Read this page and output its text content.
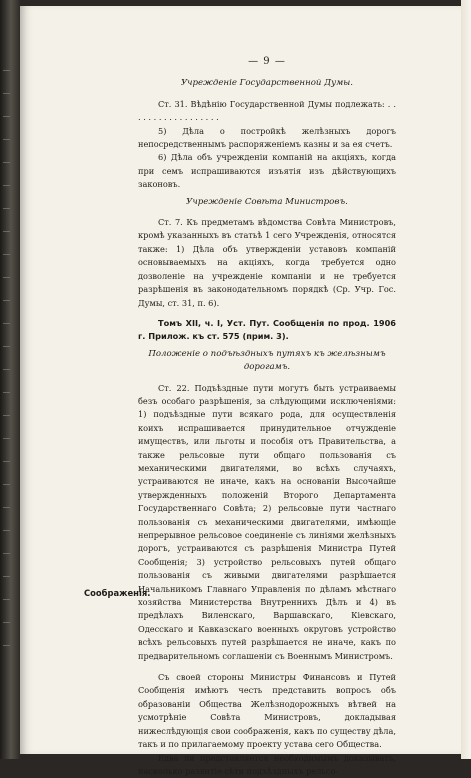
— 9 —
Учрежденіе Государственной Думы.

Ст. 31. Вѣдѣнію Государственной Думы подлежать: . . . . . . . . . . . . . . . . . .

5) Дѣла о постройкѣ желѣзныхъ дорогъ непосредственнымъ распоряженіемъ казны и за ея счетъ.

6) Дѣла объ учрежденіи компаній на акціяхъ, когда при семъ испрашиваются изъятія изъ дѣйствующихъ законовъ.

Учрежденіе Совѣта Министровъ.

Ст. 7. Къ предметамъ вѣдомства Совѣта Министровъ, кромѣ указанныхъ въ статьѣ 1 сего Учрежденія, относятся также: 1) Дѣла объ утвержденіи уставовъ компаній основываемыхъ на акціяхъ, когда требуется одно дозволеніе на учрежденіе компаніи и не требуется разрѣшенія въ законодательномъ порядкѣ (Ср. Учр. Гос. Думы, ст. 31, п. 6).

Томъ XII, ч. I, Уст. Пут. Сообщенія по прод. 1906 г. Прилож. къ ст. 575 (прим. 3).

Положеніе о подъѣздныхъ путяхъ къ желѣзнымъ дорогамъ.

Ст. 22. Подъѣздные пути могутъ быть устраиваемы безъ особаго разрѣшенія, за слѣдующими исключеніями: 1) подъѣздные пути всякаго рода, для осуществленія коихъ испрашивается принудительное отчужденіе имуществъ, или льготы и пособія отъ Правительства, а также рельсовые пути общаго пользованія съ механическими двигателями, во всѣхъ случаяхъ, устраиваются не иначе, какъ на основаніи Высочайше утвержденныхъ положеній Второго Департамента Государственнаго Совѣта; 2) рельсовые пути частнаго пользованія съ механическими двигателями, имѣющіе непрерывное рельсовое соединеніе съ линіями желѣзныхъ дорогъ, устраиваются съ разрѣшенія Министра Путей Сообщенія; 3) устройство рельсовыхъ путей общаго пользованія съ живыми двигателями разрѣшается Начальникомъ Главнаго Управленія по дѣламъ мѣстнаго хозяйства Министерства Внутреннихъ Дѣлъ и 4) въ предѣлахъ Виленскаго, Варшавскаго, Кіевскаго, Одесскаго и Кавказскаго военныхъ округовъ устройство всѣхъ рельсовыхъ путей разрѣшается не иначе, какъ по предварительномъ соглашеніи съ Военнымъ Министромъ.

Съ своей стороны Министры Финансовъ и Путей Сообщенія имѣютъ честь представить вопросъ объ образованіи Общества Желѣзнодорожныхъ вѣтвей на усмотрѣніе Совѣта Министровъ, докладывая нижеслѣдующія свои соображенія, какъ по существу дѣла, такъ и по прилагаемому проекту устава сего Общества.

Едва ли представляется необходимымъ доказывать, насколько развитіе сѣти подъѣздныхъ рельсо-

Соображенія.
